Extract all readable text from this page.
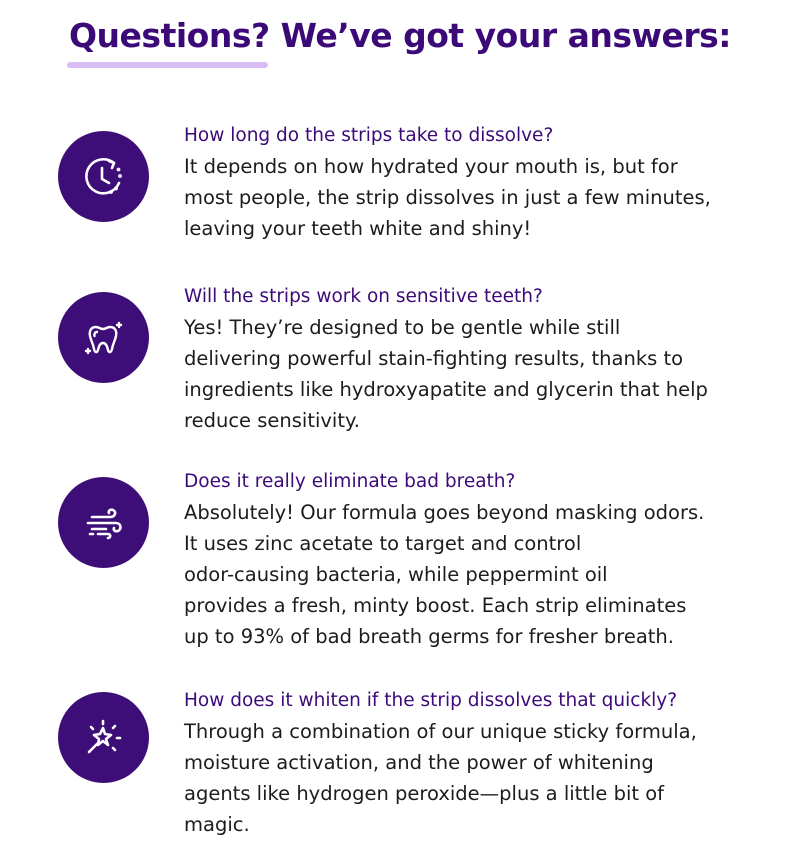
Questions? We’ve got your answers:
How long do the strips take to dissolve?
It depends on how hydrated your mouth is, but for
most people, the strip dissolves in just a few minutes,
leaving your teeth white and shiny!
Will the strips work on sensitive teeth?
Yes! They’re designed to be gentle while still
delivering powerful stain-fighting results, thanks to
ingredients like hydroxyapatite and glycerin that help
reduce sensitivity.
Does it really eliminate bad breath?
Absolutely! Our formula goes beyond masking odors.
It uses zinc acetate to target and control
odor-causing bacteria, while peppermint oil
provides a fresh, minty boost. Each strip eliminates
up to 93% of bad breath germs for fresher breath.
How does it whiten if the strip dissolves that quickly?
Through a combination of our unique sticky formula,
moisture activation, and the power of whitening
agents like hydrogen peroxide—plus a little bit of
magic.
